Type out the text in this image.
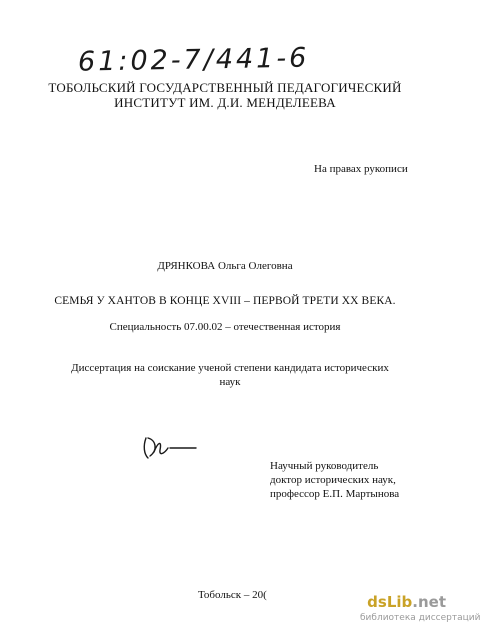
61:02-7/441-6
ТОБОЛЬСКИЙ ГОСУДАРСТВЕННЫЙ ПЕДАГОГИЧЕСКИЙ
ИНСТИТУТ ИМ. Д.И. МЕНДЕЛЕЕВА
На правах рукописи
ДРЯНКОВА Ольга Олеговна
СЕМЬЯ У ХАНТОВ В КОНЦЕ XVIII – ПЕРВОЙ ТРЕТИ XX ВЕКА.
Специальность 07.00.02 – отечественная история
Диссертация на соискание ученой степени кандидата исторических
наук
Научный руководитель
доктор исторических наук,
профессор Е.П. Мартынова
Тобольск – 20(	dsLib.net
библиотека диссертаций
